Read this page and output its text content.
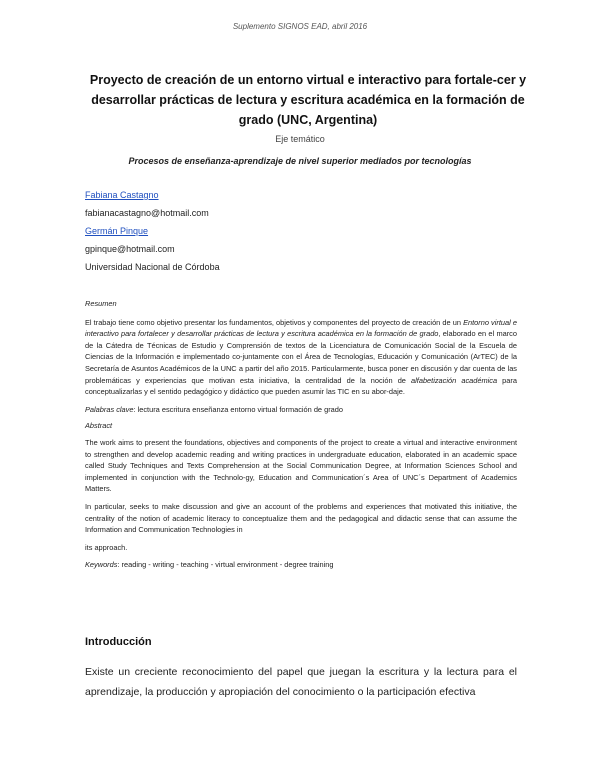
Suplemento SIGNOS EAD, abril 2016
Proyecto de creación de un entorno virtual e interactivo para fortale-cer y desarrollar prácticas de lectura y escritura académica en la formación de grado (UNC, Argentina)
Eje temático
Procesos de enseñanza-aprendizaje de nivel superior mediados por tecnologías
Fabiana Castagno
fabianacastagno@hotmail.com
Germán Pinque
gpinque@hotmail.com
Universidad Nacional de Córdoba

Resumen

El trabajo tiene como objetivo presentar los fundamentos, objetivos y componentes del proyecto de creación de un Entorno virtual e interactivo para fortalecer y desarrollar prácticas de lectura y escritura académica en la formación de grado, elaborado en el marco de la Cátedra de Técnicas de Estudio y Comprensión de textos de la Licenciatura de Comunicación Social de la Escuela de Ciencias de la Información e implementado co-juntamente con el Área de Tecnologías, Educación y Comunicación (ArTEC) de la Secretaría de Asuntos Académicos de la UNC a partir del año 2015. Particularmente, busca poner en discusión y dar cuenta de las problemáticas y experiencias que motivan esta iniciativa, la centralidad de la noción de alfabetización académica para conceptualizarlas y el sentido pedagógico y didáctico que pueden asumir las TIC en su abor-daje.

Palabras clave: lectura escritura enseñanza entorno virtual formación de grado

Abstract

The work aims to present the foundations, objectives and components of the project to create a virtual and interactive environment to strengthen and develop academic reading and writing practices in undergraduate education, elaborated in an academic space called Study Techniques and Texts Comprehension at the Social Communication Degree, at Information Sciences School and implemented in conjunction with the Technolo-gy, Education and Communication´s Area of UNC´s Department of Academics Matters.

In particular, seeks to make discussion and give an account of the problems and experiences that motivated this initiative, the centrality of the notion of academic literacy to conceptualize them and the pedagogical and didactic sense that can assume the Information and Communication Technologies in

its approach.

Keywords: reading - writing - teaching - virtual environment - degree training

Introducción
Existe un creciente reconocimiento del papel que juegan la escritura y la lectura para el aprendizaje, la producción y apropiación del conocimiento o la participación efectiva
